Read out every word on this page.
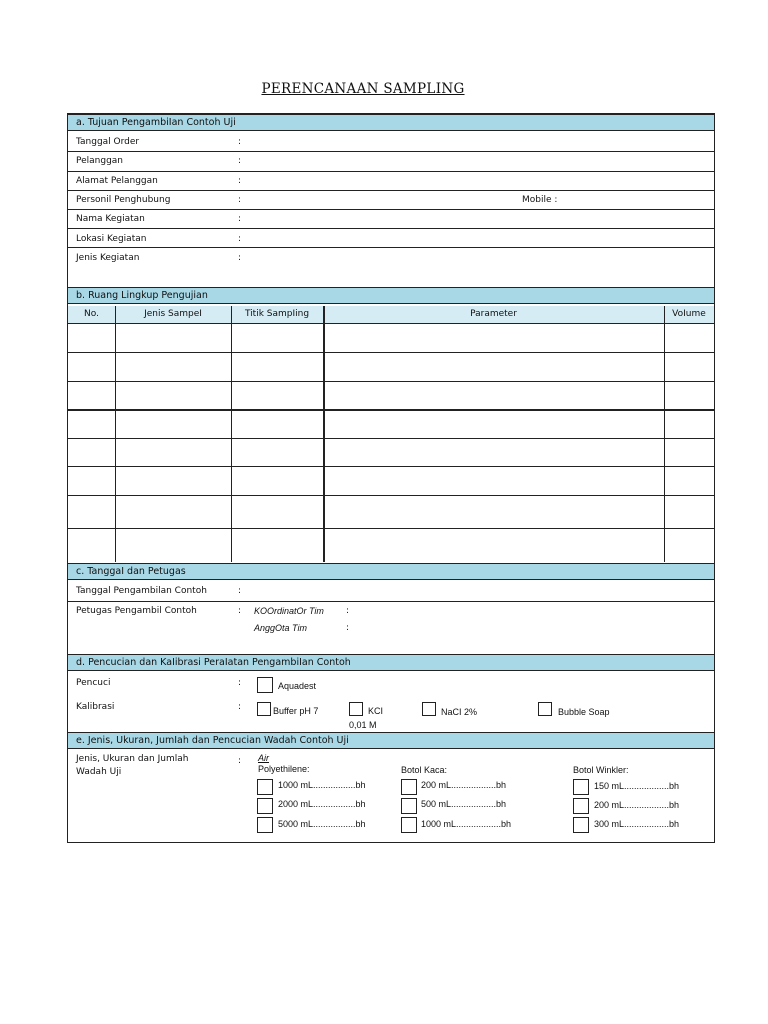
PERENCANAAN SAMPLING
a. Tujuan PengambiIan Contoh Uji
Tanggal Order	:
Pelanggan	:
Alamat Pelanggan	:
Personil Penghubung	:	Mobile :
Nama Kegiatan	:
Lokasi Kegiatan	:
Jenis Kegiatan	:
b. Ruang Lingkup Pengujian
No.	Jenis SampeI	Titik SampIing	Parameter	VoIume
c. TanggaI dan Petugas
Tanggal Pengambilan Contoh	:
Petugas Pengambil Contoh	: KOOrdinatOr Tim :
AnggOta Tim	:
d. Pencucian dan KaIibrasi PeraIatan PengambiIan Contoh
Pencuci	:	Aquadest
Kalibrasi	:	Buffer pH 7	KCI
0,01 M
NaCI 2%	Bubble Soap
e. Jenis, Ukuran, JumIah dan Pencucian Wadah Contoh Uji
Jenis, Ukuran dan Jumlah
Wadah Uji
: Air
Polyethilene:
1000 mL.................bh
2000 mL.................bh
5000 mL.................bh
Botol Kaca:
200 mL..................bh
500 mL..................bh
1000 mL..................bh
Botol Winkler:
150 mL..................bh
200 mL..................bh
300 mL..................bh
